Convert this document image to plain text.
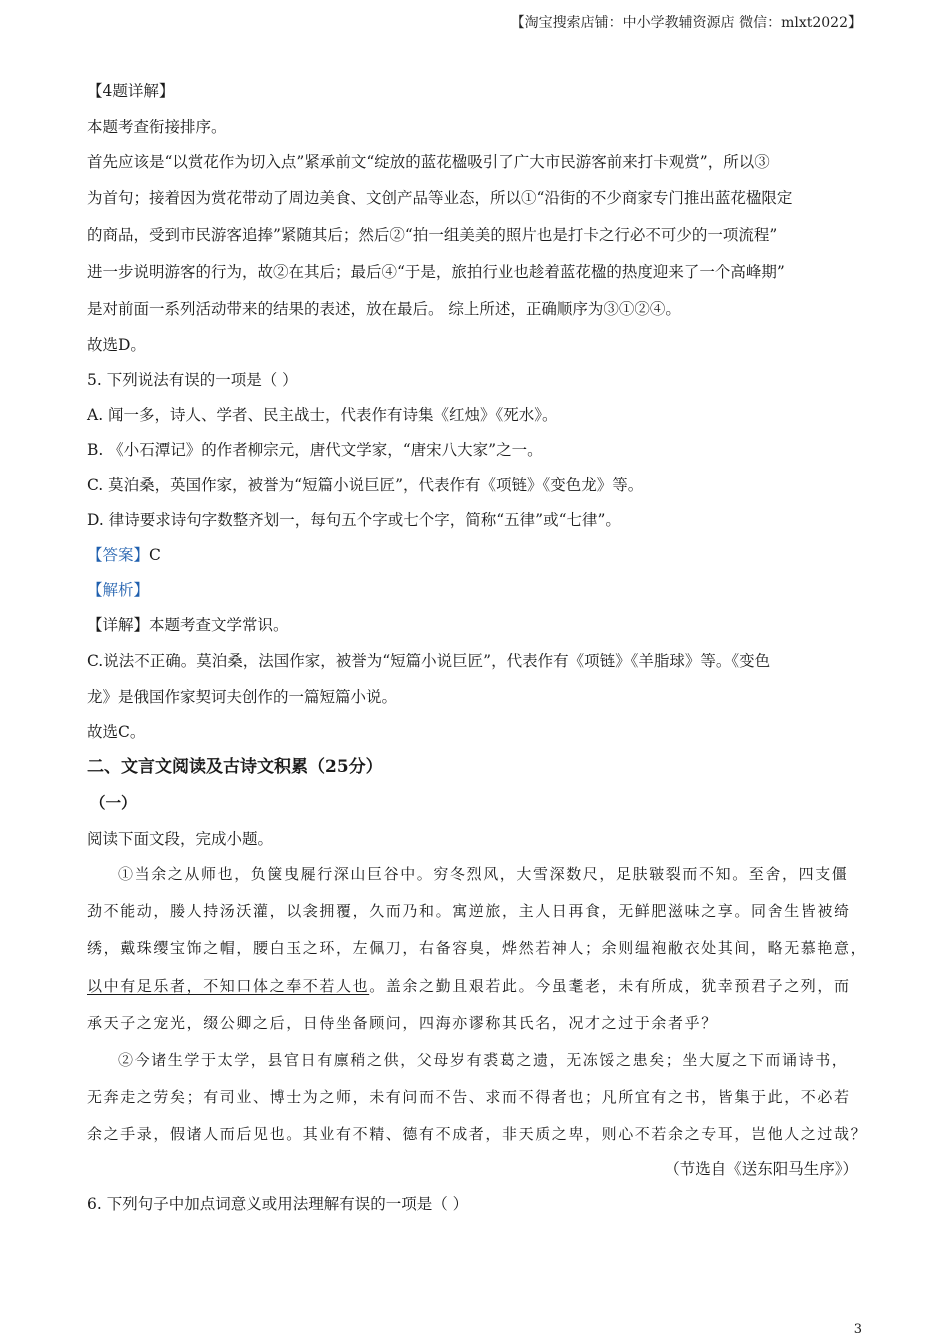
【淘宝搜索店铺：中小学教辅资源店 微信：mlxt2022】
【4题详解】
本题考查衔接排序。
首先应该是“以赏花作为切入点”紧承前文“绽放的蓝花楹吸引了广大市民游客前来打卡观赏”，所以③
为首句；接着因为赏花带动了周边美食、文创产品等业态，所以①“沿街的不少商家专门推出蓝花楹限定
的商品，受到市民游客追捧”紧随其后；然后②“拍一组美美的照片也是打卡之行必不可少的一项流程”
进一步说明游客的行为，故②在其后；最后④“于是，旅拍行业也趁着蓝花楹的热度迎来了一个高峰期”
是对前面一系列活动带来的结果的表述，放在最后。 综上所述，正确顺序为③①②④。
故选D。
5. 下列说法有误的一项是（ ）
A. 闻一多，诗人、学者、民主战士，代表作有诗集《红烛》《死水》。
B. 《小石潭记》的作者柳宗元，唐代文学家，“唐宋八大家”之一。
C. 莫泊桑，英国作家，被誉为“短篇小说巨匠”，代表作有《项链》《变色龙》等。
D. 律诗要求诗句字数整齐划一，每句五个字或七个字，简称“五律”或“七律”。
【答案】C
【解析】
【详解】本题考查文学常识。
C.说法不正确。莫泊桑，法国作家，被誉为“短篇小说巨匠”，代表作有《项链》《羊脂球》等。《变色
龙》是俄国作家契诃夫创作的一篇短篇小说。
故选C。
二、文言文阅读及古诗文积累（25分）
（一）
阅读下面文段，完成小题。
①当余之从师也，负箧曳屣行深山巨谷中。穷冬烈风，大雪深数尺，足肤皲裂而不知。至舍，四支僵
劲不能动，媵人持汤沃灌，以衾拥覆，久而乃和。寓逆旅，主人日再食，无鲜肥滋味之享。同舍生皆被绮
绣，戴珠缨宝饰之帽，腰白玉之环，左佩刀，右备容臭，烨然若神人；余则缊袍敝衣处其间，略无慕艳意，
以中有足乐者，不知口体之奉不若人也。盖余之勤且艰若此。今虽耄老，未有所成，犹幸预君子之列，而
承天子之宠光，缀公卿之后，日侍坐备顾问，四海亦谬称其氏名，况才之过于余者乎？
②今诸生学于太学，县官日有廪稍之供，父母岁有裘葛之遗，无冻馁之患矣；坐大厦之下而诵诗书，
无奔走之劳矣；有司业、博士为之师，未有问而不告、求而不得者也；凡所宜有之书，皆集于此，不必若
余之手录，假诸人而后见也。其业有不精、德有不成者，非天质之卑，则心不若余之专耳，岂他人之过哉？
（节选自《送东阳马生序》）
6. 下列句子中加点词意义或用法理解有误的一项是（ ）
3
